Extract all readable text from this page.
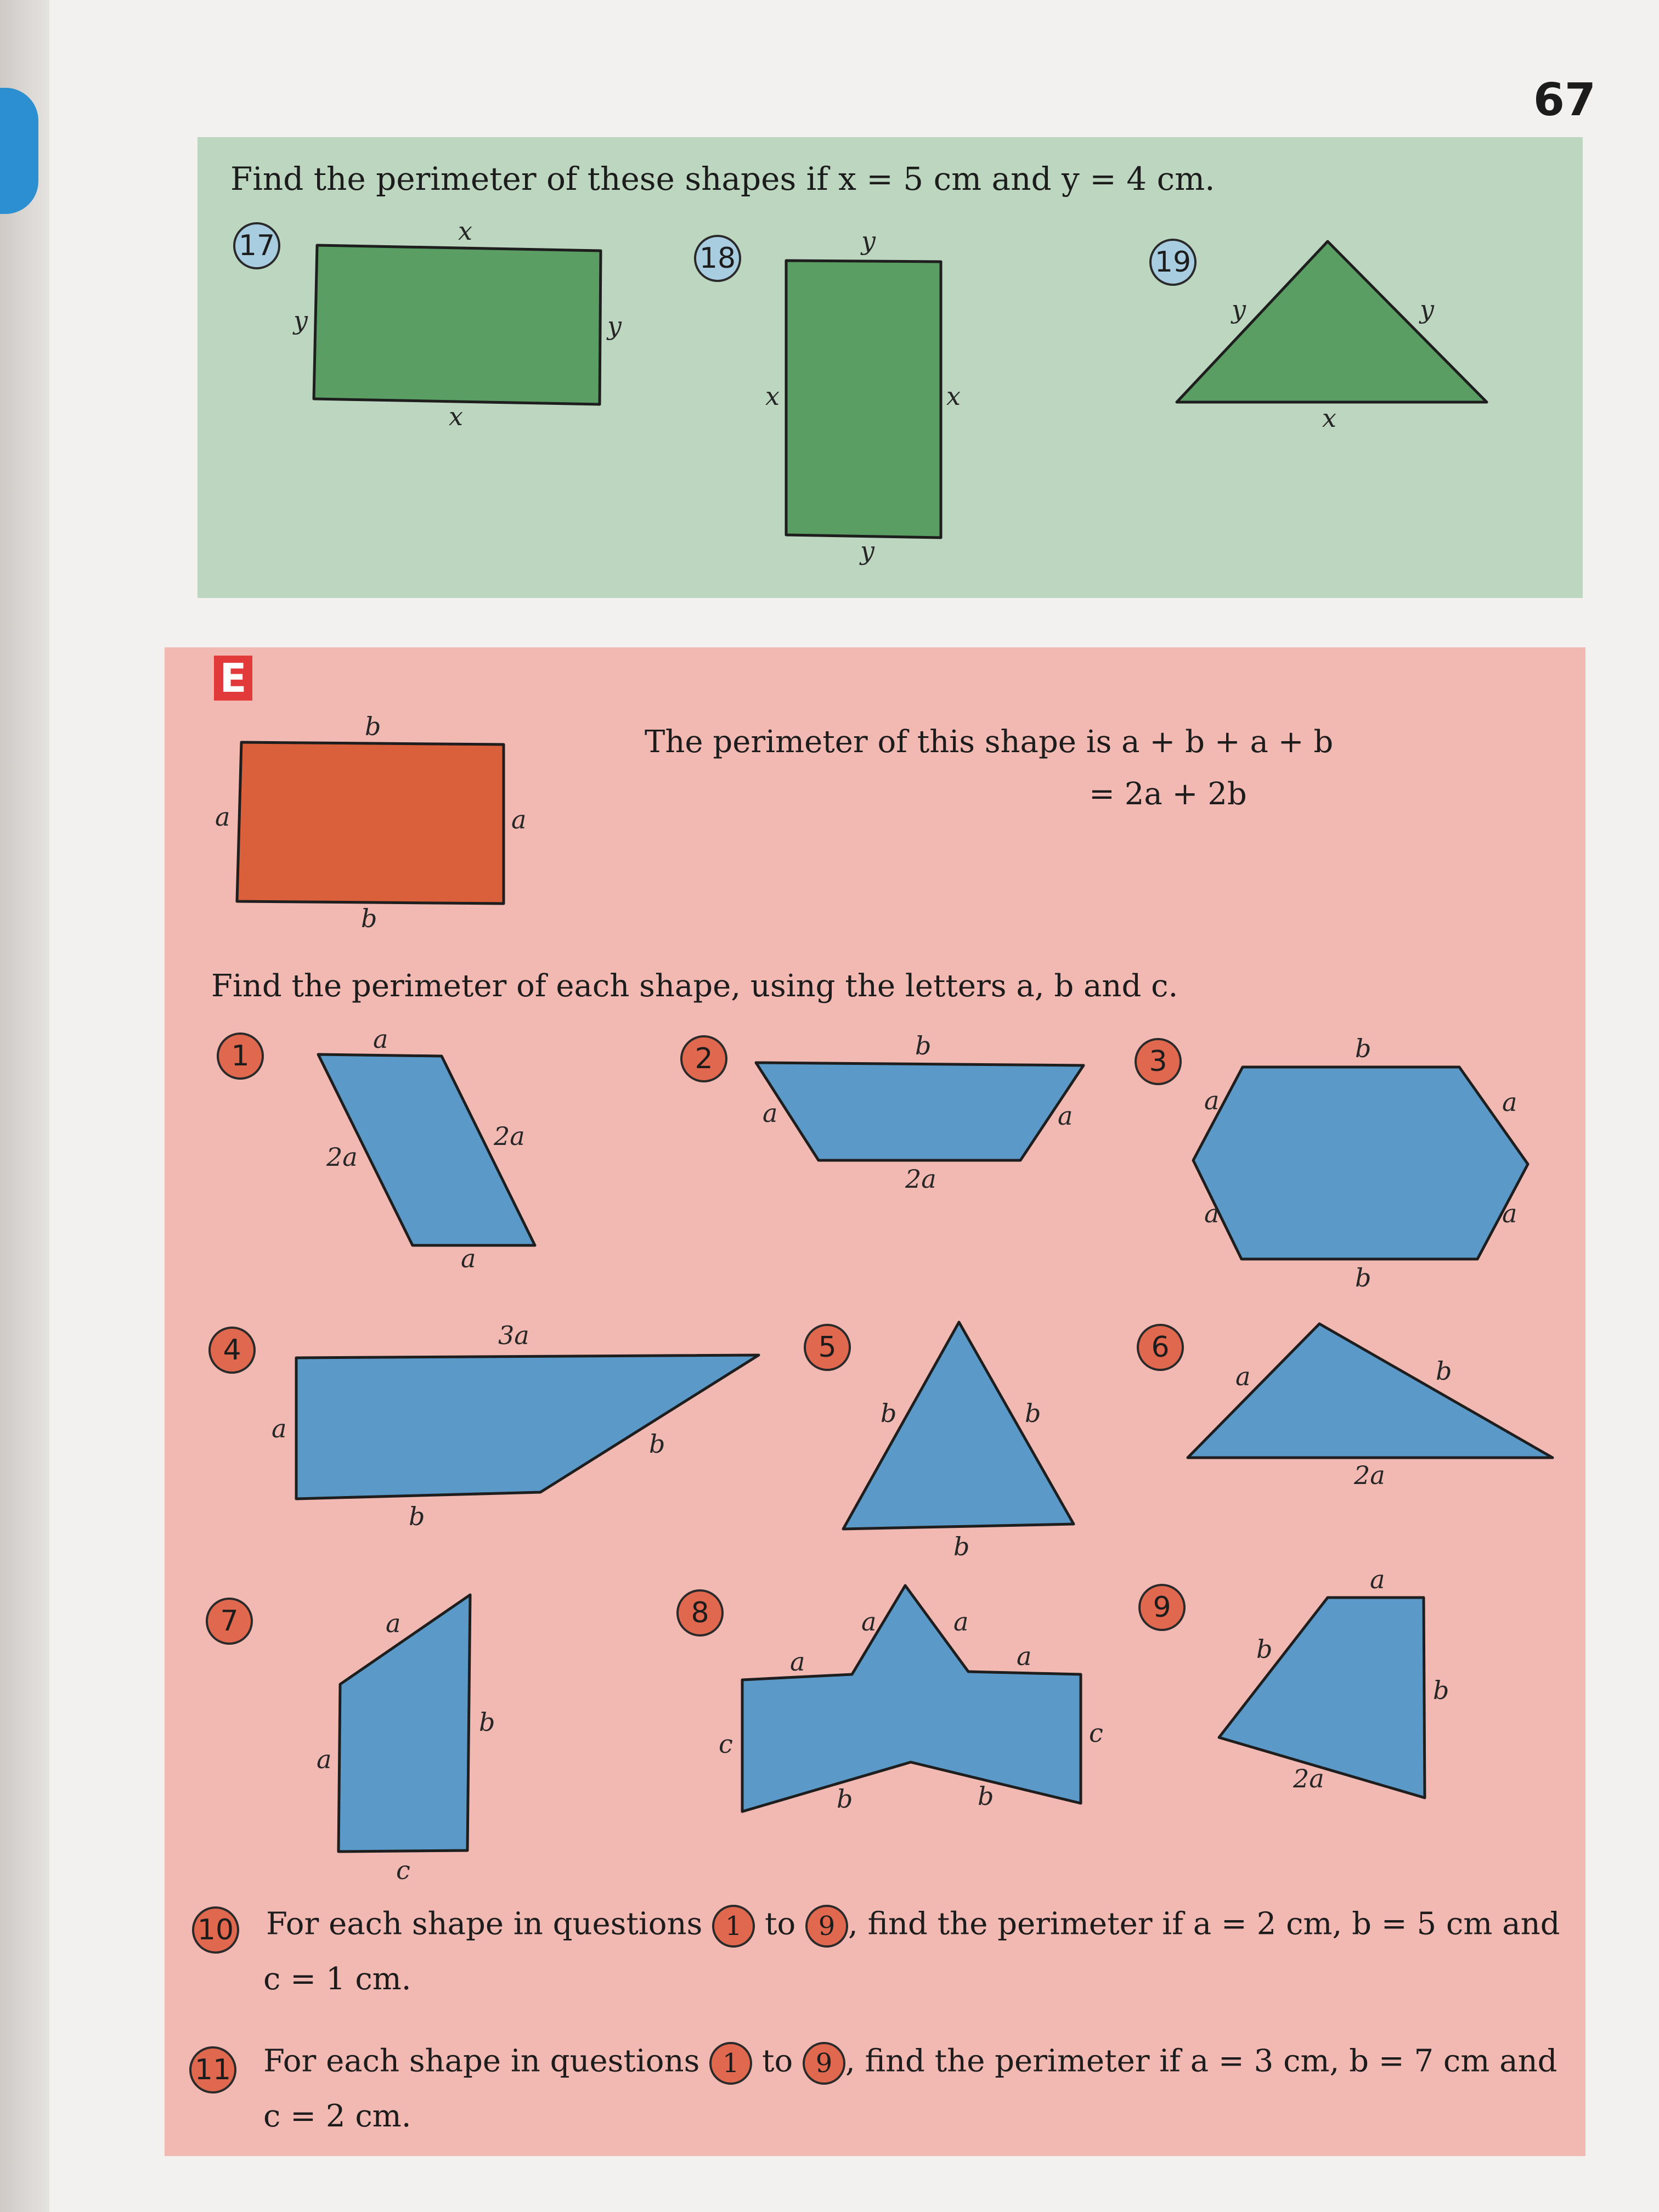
67
Find the perimeter of these shapes if x = 5 cm and y = 4 cm.
17	18	19
E
The perimeter of this shape is a + b + a + b
= 2a + 2b
Find the perimeter of each shape, using the letters a, b and c.
1	2	3
4	5	6
7	8	9
x
y	y
x
y
x	x
y
y	y
x
b
a	a
b
a
2a
2a
a
b
a	a
2a
b
a	a
a	a
b
3a
a
b
b
b	b
b
a	b
2a
a
a
b
c
a
a	a
a
c	c
b	b
a
b
b
2a
10 For each shape in questions 1 to 9 , find the perimeter if a = 2 cm, b = 5 cm and
c = 1 cm.
11 For each shape in questions 1 to 9 , find the perimeter if a = 3 cm, b = 7 cm and
c = 2 cm.
